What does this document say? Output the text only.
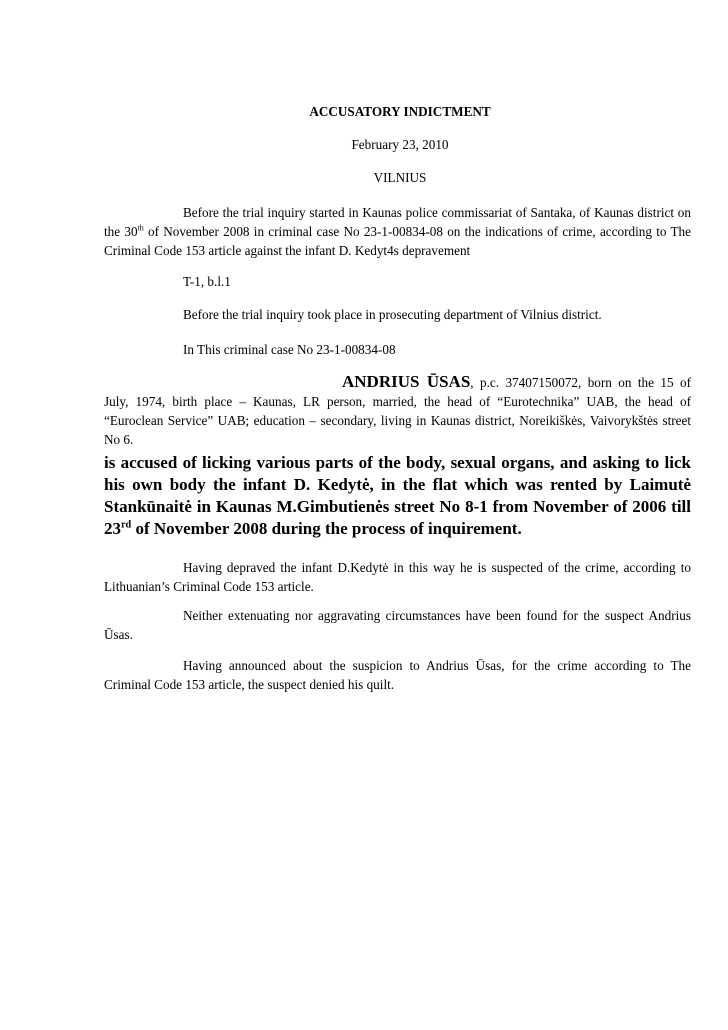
ACCUSATORY INDICTMENT
February 23, 2010
VILNIUS

Before the trial inquiry started in Kaunas police commissariat of Santaka, of Kaunas district on the 30th of November 2008 in criminal case No 23-1-00834-08 on the indications of crime, according to The Criminal Code 153 article against the infant D. Kedyt4s depravement

T-1, b.l.1
Before the trial inquiry took place in prosecuting department of Vilnius district.
In This criminal case No 23-1-00834-08

ANDRIUS ŪSAS, p.c. 37407150072, born on the 15 of July, 1974, birth place – Kaunas, LR person, married, the head of “Eurotechnika” UAB, the head of “Euroclean Service” UAB; education – secondary, living in Kaunas district, Noreikiškės, Vaivorykštės street No 6.

is accused of licking various parts of the body, sexual organs, and asking to lick his own body the infant D. Kedytė, in the flat which was rented by Laimutė Stankūnaitė in Kaunas M.Gimbutienės street No 8-1 from November of 2006 till 23rd of November 2008 during the process of inquirement.

Having depraved the infant D.Kedytė in this way he is suspected of the crime, according to Lithuanian’s Criminal Code 153 article.

Neither extenuating nor aggravating circumstances have been found for the suspect Andrius Ūsas.

Having announced about the suspicion to Andrius Ūsas, for the crime according to The Criminal Code 153 article, the suspect denied his quilt.
